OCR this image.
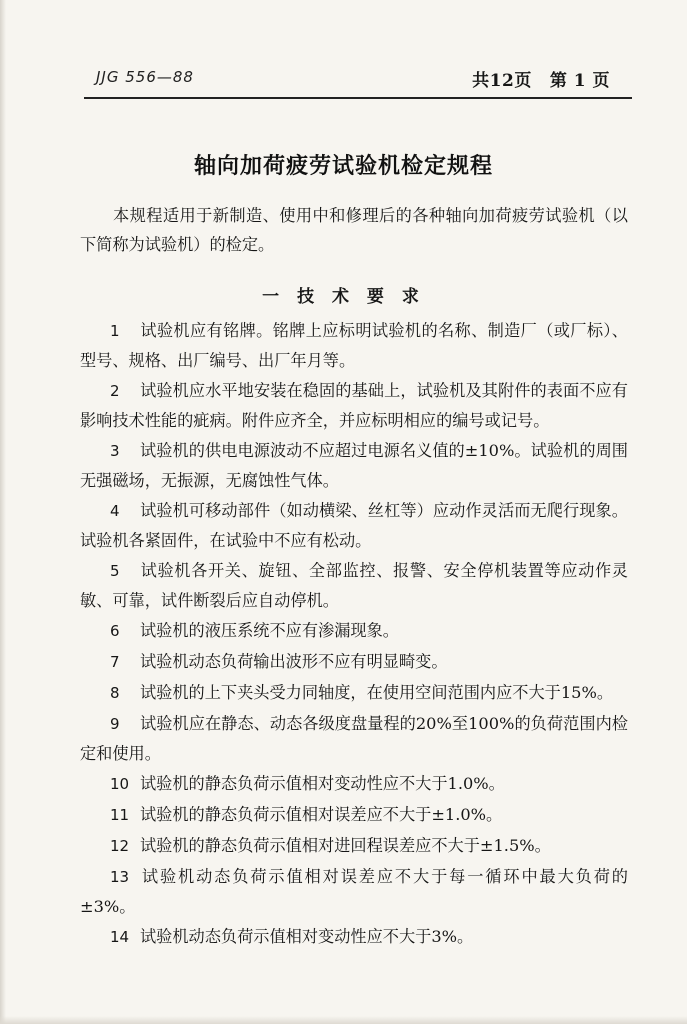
JJG 556—88	共12页 第 1 页
轴向加荷疲劳试验机检定规程

本规程适用于新制造、使用中和修理后的各种轴向加荷疲劳试验机（以下简称为试验机）的检定。

一 技 术 要 求

1 试验机应有铭牌。铭牌上应标明试验机的名称、制造厂（或厂标）、型号、规格、出厂编号、出厂年月等。

2 试验机应水平地安装在稳固的基础上，试验机及其附件的表面不应有影响技术性能的疵病。附件应齐全，并应标明相应的编号或记号。

3 试验机的供电电源波动不应超过电源名义值的±10%。试验机的周围无强磁场，无振源，无腐蚀性气体。

4 试验机可移动部件（如动横梁、丝杠等）应动作灵活而无爬行现象。试验机各紧固件，在试验中不应有松动。

5 试验机各开关、旋钮、全部监控、报警、安全停机装置等应动作灵敏、可靠，试件断裂后应自动停机。

6 试验机的液压系统不应有渗漏现象。

7 试验机动态负荷输出波形不应有明显畸变。

8 试验机的上下夹头受力同轴度，在使用空间范围内应不大于15%。

9 试验机应在静态、动态各级度盘量程的20%至100%的负荷范围内检定和使用。

10 试验机的静态负荷示值相对变动性应不大于1.0%。

11 试验机的静态负荷示值相对误差应不大于±1.0%。

12 试验机的静态负荷示值相对进回程误差应不大于±1.5%。

13 试验机动态负荷示值相对误差应不大于每一循环中最大负荷的±3%。

14 试验机动态负荷示值相对变动性应不大于3%。
